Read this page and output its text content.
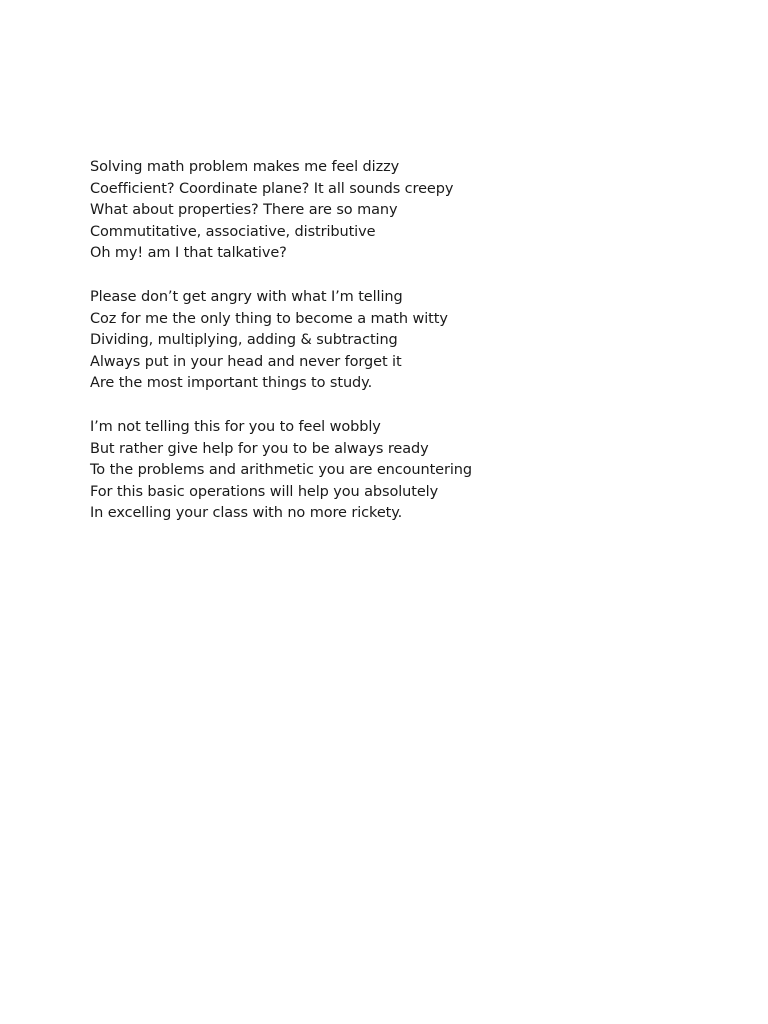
Solving math problem makes me feel dizzy
Coefficient? Coordinate plane? It all sounds creepy
What about properties? There are so many
Commutitative, associative, distributive
Oh my! am I that talkative?
Please don’t get angry with what I’m telling
Coz for me the only thing to become a math witty
Dividing, multiplying, adding & subtracting
Always put in your head and never forget it
Are the most important things to study.
I’m not telling this for you to feel wobbly
But rather give help for you to be always ready
To the problems and arithmetic you are encountering
For this basic operations will help you absolutely
In excelling your class with no more rickety.
